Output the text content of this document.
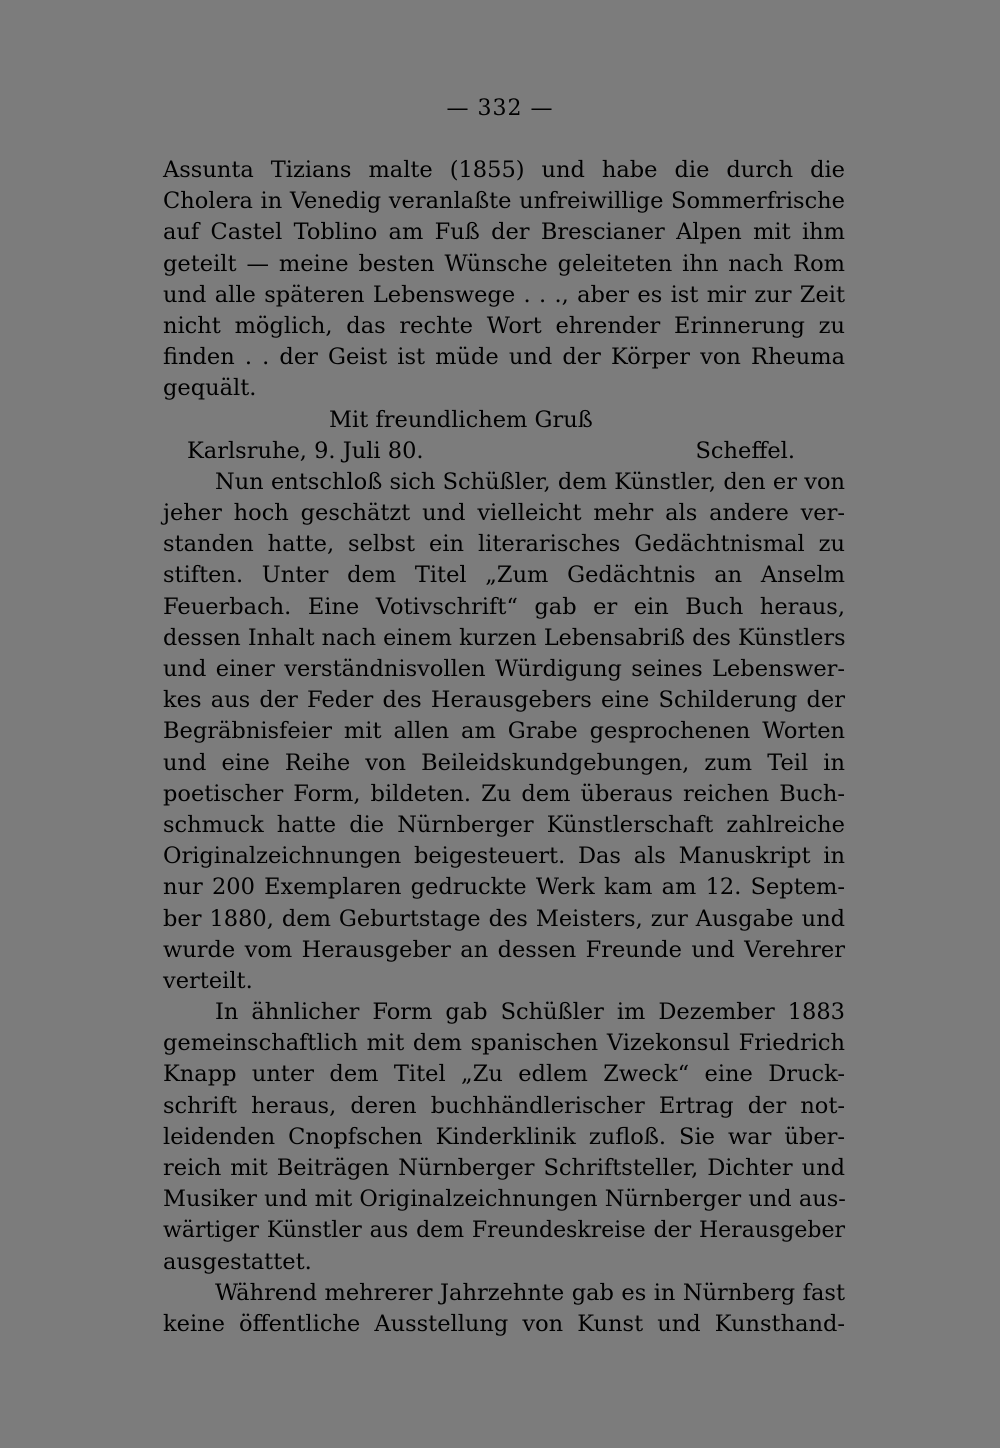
— 332 —
Assunta Tizians malte (1855) und habe die durch die
Cholera in Venedig veranlaßte unfreiwillige Sommerfrische
auf Castel Toblino am Fuß der Brescianer Alpen mit ihm
geteilt — meine besten Wünsche geleiteten ihn nach Rom
und alle späteren Lebenswege . . ., aber es ist mir zur Zeit
nicht möglich, das rechte Wort ehrender Erinnerung zu
finden . . der Geist ist müde und der Körper von Rheuma
gequält.
Mit freundlichem Gruß
Karlsruhe, 9. Juli 80.	Scheffel.
Nun entschloß sich Schüßler, dem Künstler, den er von
jeher hoch geschätzt und vielleicht mehr als andere ver-
standen hatte, selbst ein literarisches Gedächtnismal zu
stiften. Unter dem Titel „Zum Gedächtnis an Anselm
Feuerbach. Eine Votivschrift“ gab er ein Buch heraus,
dessen Inhalt nach einem kurzen Lebensabriß des Künstlers
und einer verständnisvollen Würdigung seines Lebenswer-
kes aus der Feder des Herausgebers eine Schilderung der
Begräbnisfeier mit allen am Grabe gesprochenen Worten
und eine Reihe von Beileidskundgebungen, zum Teil in
poetischer Form, bildeten. Zu dem überaus reichen Buch-
schmuck hatte die Nürnberger Künstlerschaft zahlreiche
Originalzeichnungen beigesteuert. Das als Manuskript in
nur 200 Exemplaren gedruckte Werk kam am 12. Septem-
ber 1880, dem Geburtstage des Meisters, zur Ausgabe und
wurde vom Herausgeber an dessen Freunde und Verehrer
verteilt.
In ähnlicher Form gab Schüßler im Dezember 1883
gemeinschaftlich mit dem spanischen Vizekonsul Friedrich
Knapp unter dem Titel „Zu edlem Zweck“ eine Druck-
schrift heraus, deren buchhändlerischer Ertrag der not-
leidenden Cnopfschen Kinderklinik zufloß. Sie war über-
reich mit Beiträgen Nürnberger Schriftsteller, Dichter und
Musiker und mit Originalzeichnungen Nürnberger und aus-
wärtiger Künstler aus dem Freundeskreise der Herausgeber
ausgestattet.
Während mehrerer Jahrzehnte gab es in Nürnberg fast
keine öffentliche Ausstellung von Kunst und Kunsthand-
